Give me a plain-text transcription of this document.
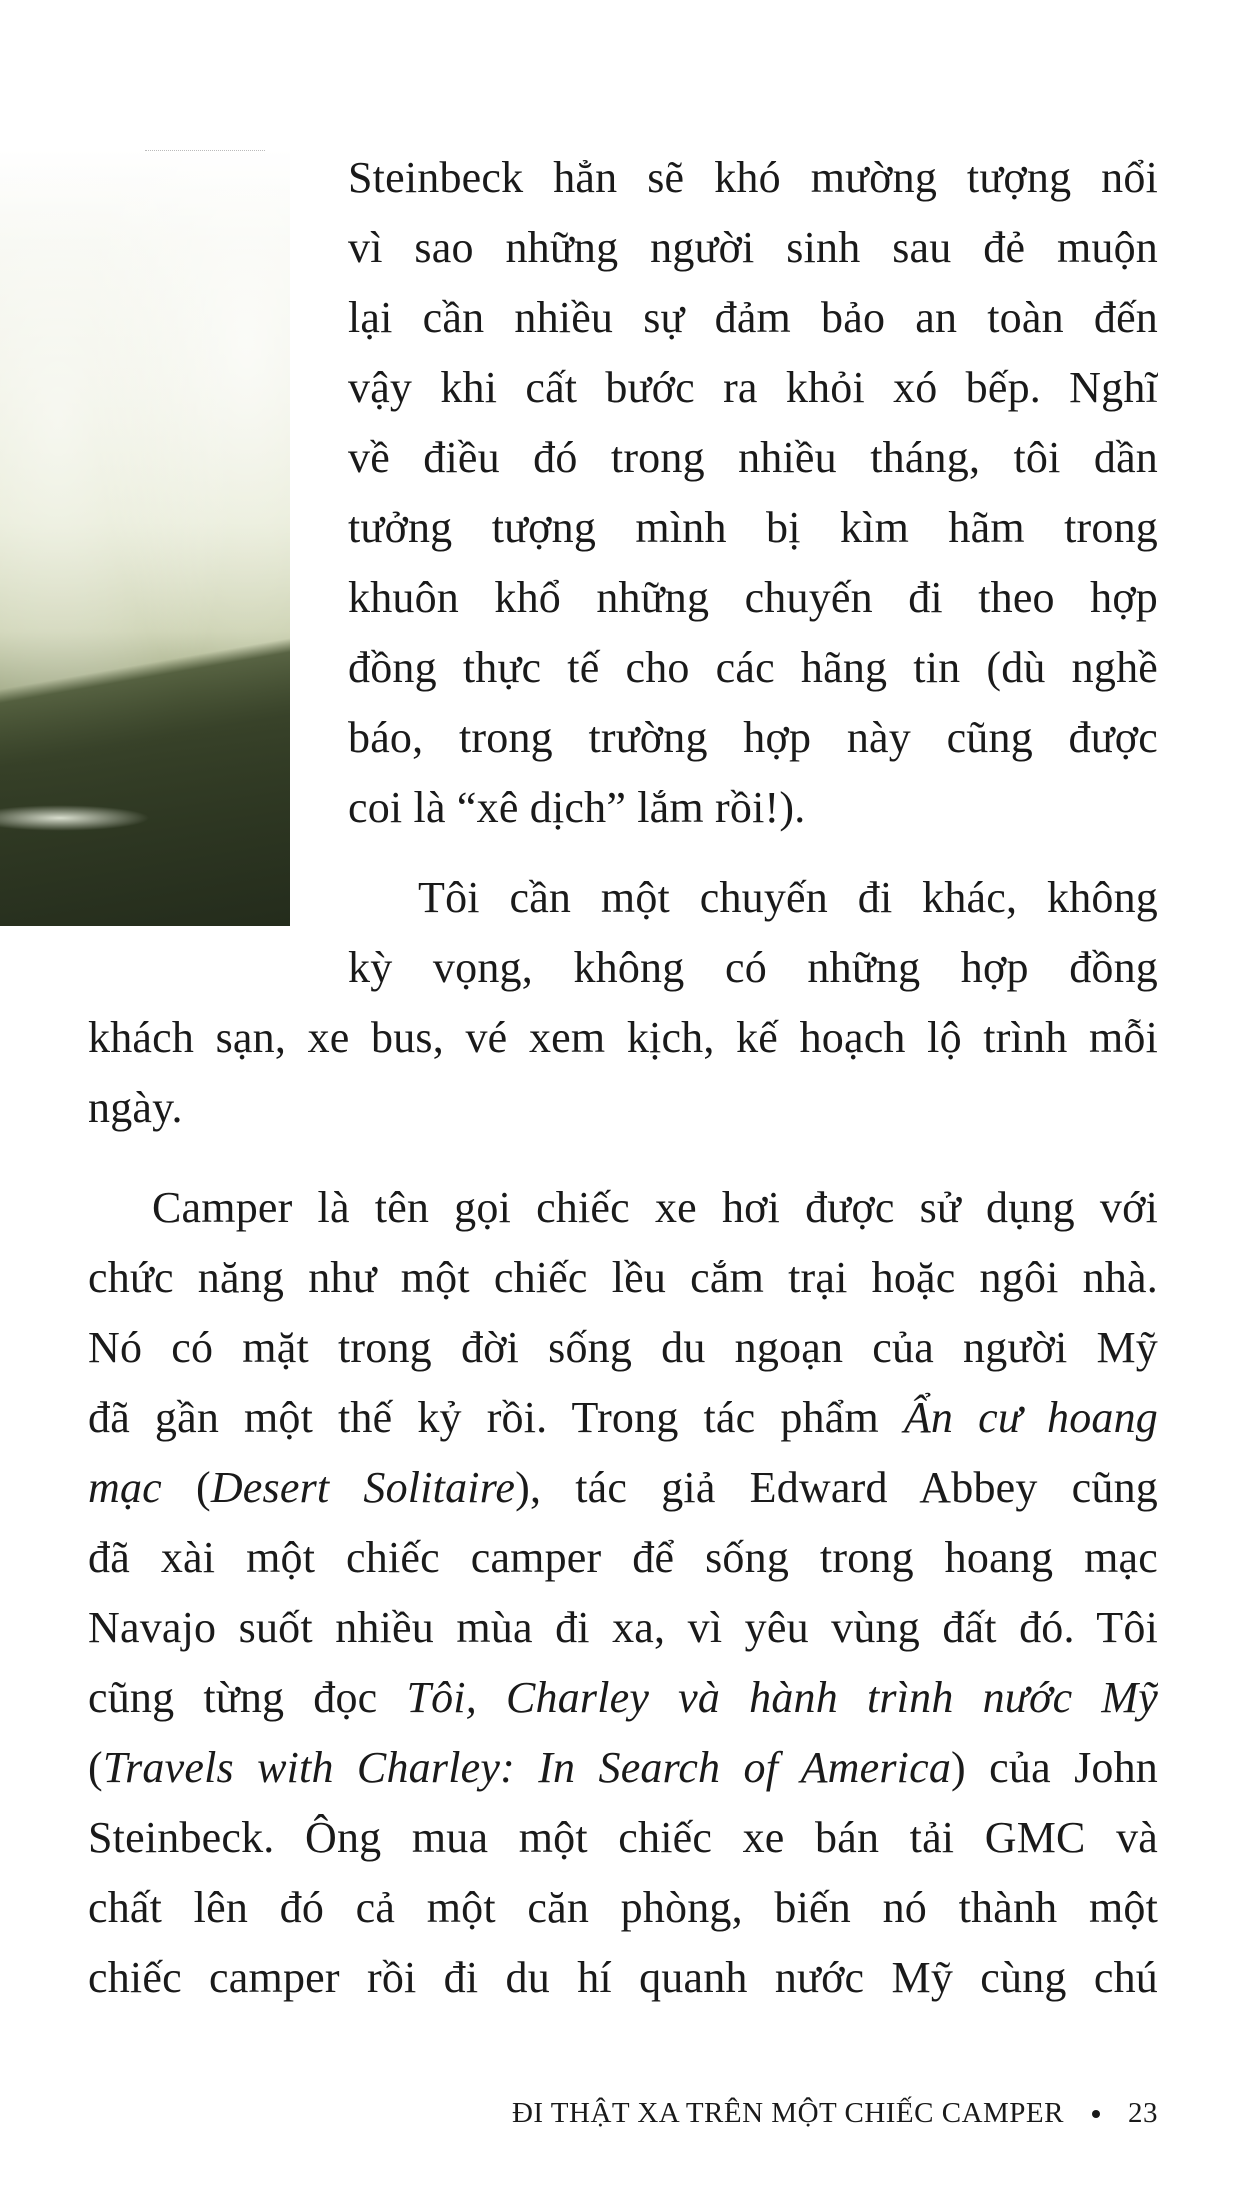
Steinbeck hẳn sẽ khó mường tượng nổi
vì sao những người sinh sau đẻ muộn
lại cần nhiều sự đảm bảo an toàn đến
vậy khi cất bước ra khỏi xó bếp. Nghĩ
về điều đó trong nhiều tháng, tôi dần
tưởng tượng mình bị kìm hãm trong
khuôn khổ những chuyến đi theo hợp
đồng thực tế cho các hãng tin (dù nghề
báo, trong trường hợp này cũng được
coi là “xê dịch” lắm rồi!).
Tôi cần một chuyến đi khác, không
kỳ vọng, không có những hợp đồng
khách sạn, xe bus, vé xem kịch, kế hoạch lộ trình mỗi
ngày.
Camper là tên gọi chiếc xe hơi được sử dụng với
chức năng như một chiếc lều cắm trại hoặc ngôi nhà.
Nó có mặt trong đời sống du ngoạn của người Mỹ
đã gần một thế kỷ rồi. Trong tác phẩm Ẩn cư hoang
mạc (Desert Solitaire), tác giả Edward Abbey cũng
đã xài một chiếc camper để sống trong hoang mạc
Navajo suốt nhiều mùa đi xa, vì yêu vùng đất đó. Tôi
cũng từng đọc Tôi, Charley và hành trình nước Mỹ
(Travels with Charley: In Search of America) của John
Steinbeck. Ông mua một chiếc xe bán tải GMC và
chất lên đó cả một căn phòng, biến nó thành một
chiếc camper rồi đi du hí quanh nước Mỹ cùng chú
ĐI THẬT XA TRÊN MỘT CHIẾC CAMPER 23
